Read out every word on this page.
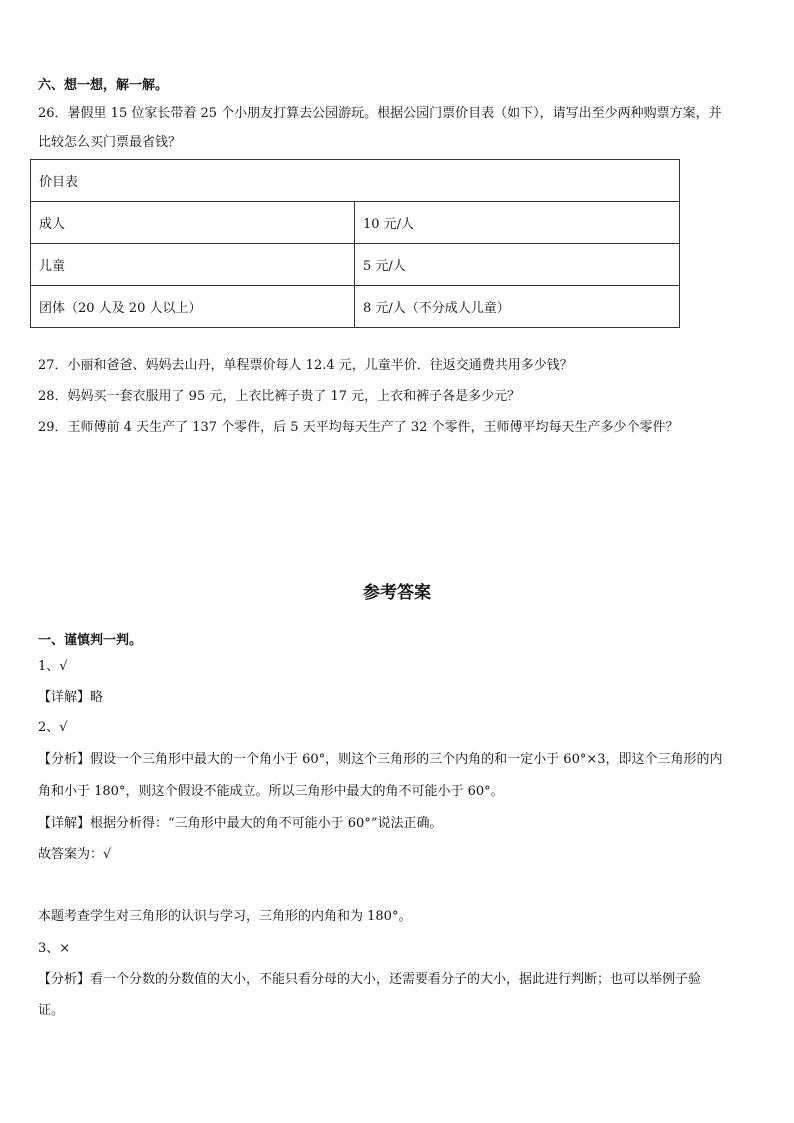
六、想一想，解一解。
26．暑假里 15 位家长带着 25 个小朋友打算去公园游玩。根据公园门票价目表（如下），请写出至少两种购票方案，并
比较怎么买门票最省钱？
价目表	
成人	10 元/人
儿童	5 元/人
团体（20 人及 20 人以上）	8 元/人（不分成人儿童）
27．小丽和爸爸、妈妈去山丹，单程票价每人 12.4 元，儿童半价．往返交通费共用多少钱？
28．妈妈买一套衣服用了 95 元，上衣比裤子贵了 17 元，上衣和裤子各是多少元？
29．王师傅前 4 天生产了 137 个零件，后 5 天平均每天生产了 32 个零件，王师傅平均每天生产多少个零件？
参考答案
一、谨慎判一判。
1、√
【详解】略
2、√
【分析】假设一个三角形中最大的一个角小于 60°，则这个三角形的三个内角的和一定小于 60°×3，即这个三角形的内
角和小于 180°，则这个假设不能成立。所以三角形中最大的角不可能小于 60°。
【详解】根据分析得：“三角形中最大的角不可能小于 60°”说法正确。
故答案为：√
本题考查学生对三角形的认识与学习，三角形的内角和为 180°。
3、×
【分析】看一个分数的分数值的大小，不能只看分母的大小，还需要看分子的大小，据此进行判断；也可以举例子验
证。
